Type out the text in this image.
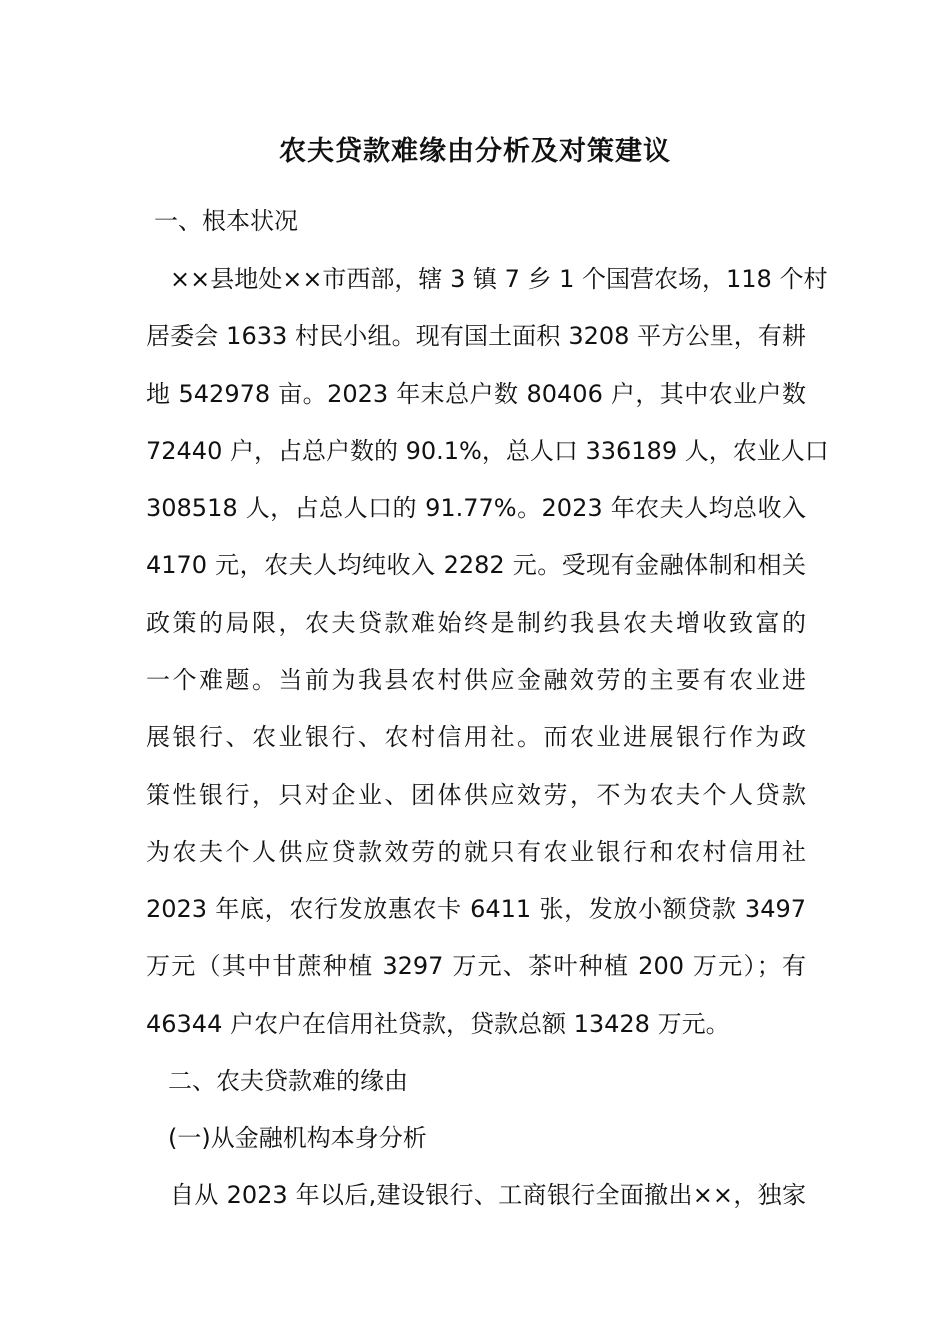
农夫贷款难缘由分析及对策建议

一、根本状况

××县地处××市西部，辖 3 镇 7 乡 1 个国营农场，118 个村

居委会 1633 村民小组。现有国土面积 3208 平方公里，有耕

地 542978 亩。2023 年末总户数 80406 户，其中农业户数

72440 户，占总户数的 90.1%，总人口 336189 人，农业人口

308518 人，占总人口的 91.77%。2023 年农夫人均总收入

4170 元，农夫人均纯收入 2282 元。受现有金融体制和相关

政策的局限，农夫贷款难始终是制约我县农夫增收致富的

一个难题。当前为我县农村供应金融效劳的主要有农业进

展银行、农业银行、农村信用社。而农业进展银行作为政

策性银行，只对企业、团体供应效劳，不为农夫个人贷款

为农夫个人供应贷款效劳的就只有农业银行和农村信用社

2023 年底，农行发放惠农卡 6411 张，发放小额贷款 3497

万元（其中甘蔗种植 3297 万元、茶叶种植 200 万元）；有

46344 户农户在信用社贷款，贷款总额 13428 万元。

二、农夫贷款难的缘由

(一)从金融机构本身分析

自从 2023 年以后,建设银行、工商银行全面撤出××，独家
